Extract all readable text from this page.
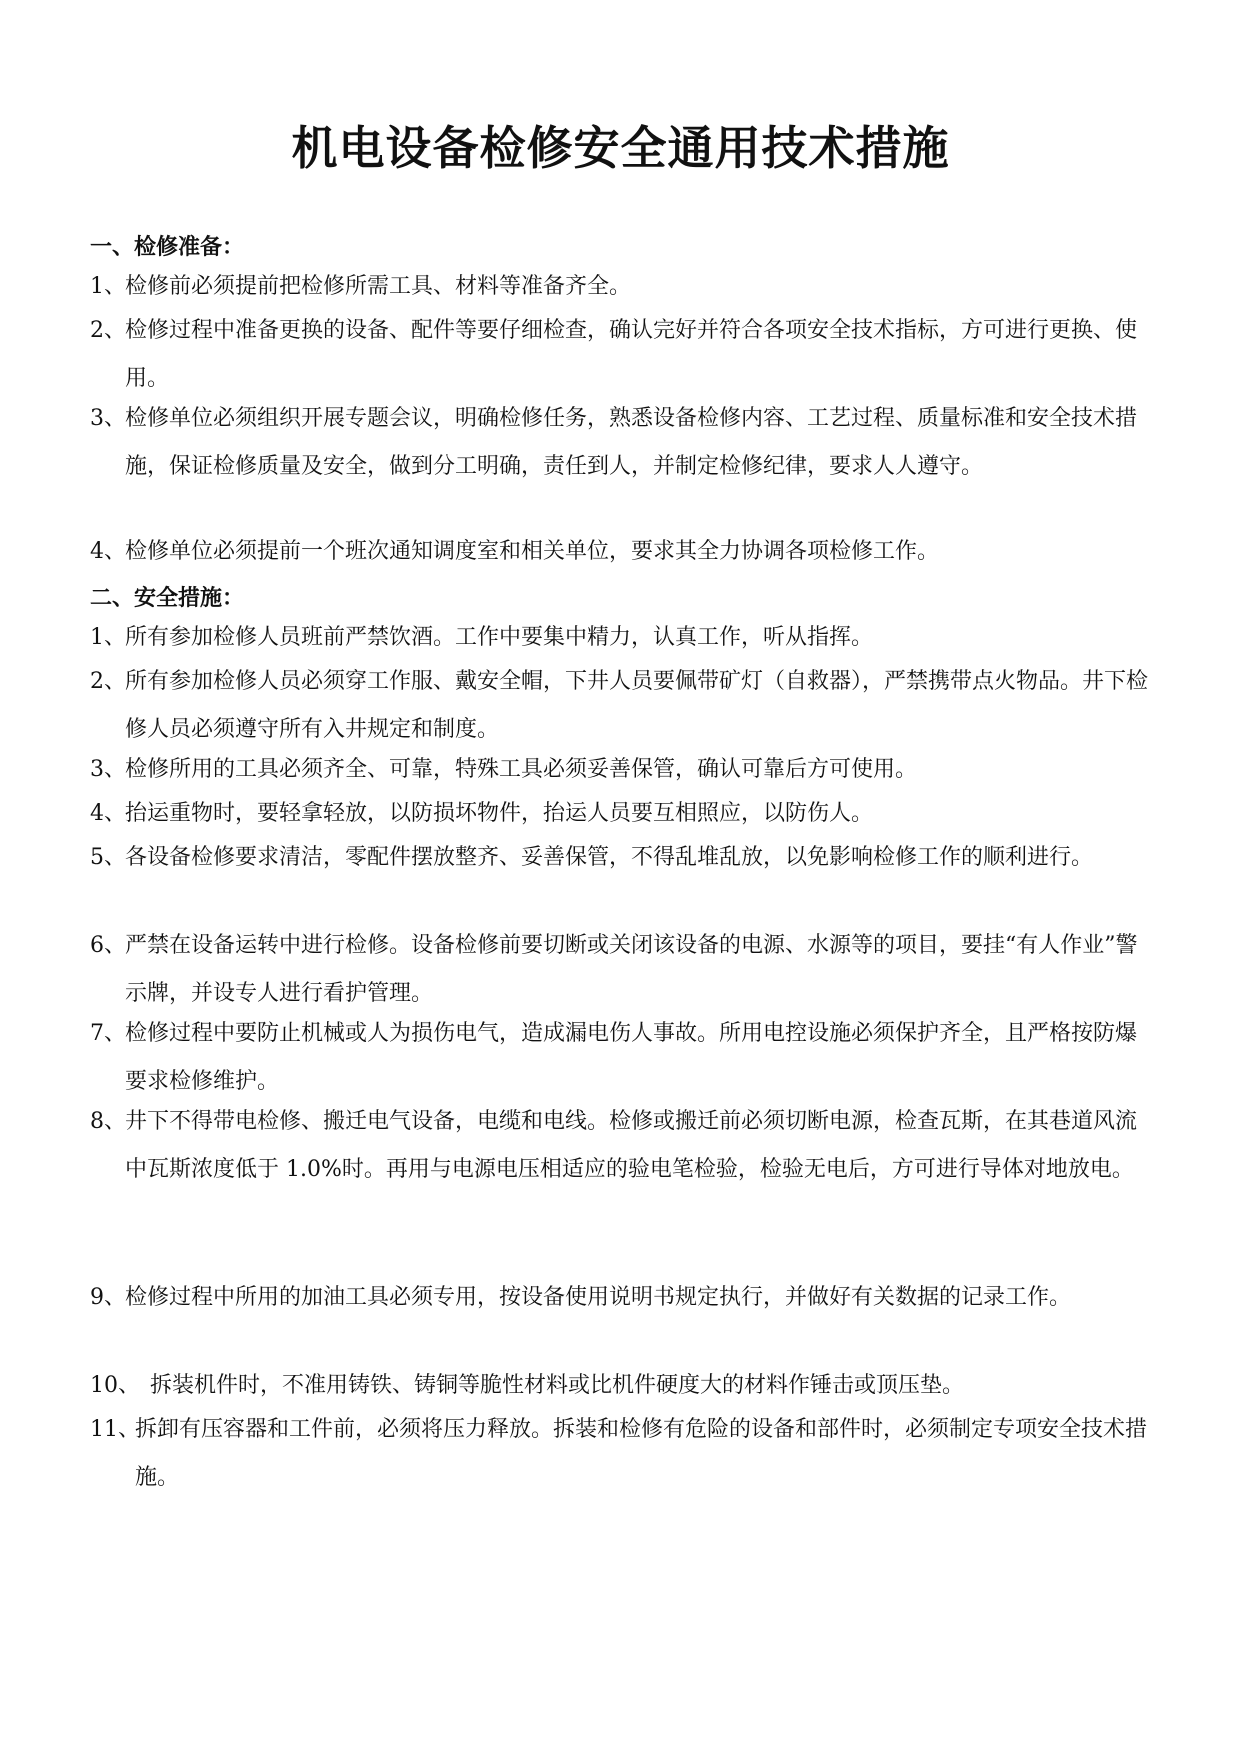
机电设备检修安全通用技术措施

一、检修准备：

1、 检修前必须提前把检修所需工具、材料等准备齐全。
2、 检修过程中准备更换的设备、配件等要仔细检查，确认完好并符合各项安全技术指标，方可进行更换、使用。
3、 检修单位必须组织开展专题会议，明确检修任务，熟悉设备检修内容、工艺过程、质量标准和安全技术措施，保证检修质量及安全，做到分工明确，责任到人，并制定检修纪律，要求人人遵守。
4、 检修单位必须提前一个班次通知调度室和相关单位，要求其全力协调各项检修工作。

二、安全措施：

1、 所有参加检修人员班前严禁饮酒。工作中要集中精力，认真工作，听从指挥。
2、 所有参加检修人员必须穿工作服、戴安全帽，下井人员要佩带矿灯（自救器），严禁携带点火物品。井下检修人员必须遵守所有入井规定和制度。
3、 检修所用的工具必须齐全、可靠，特殊工具必须妥善保管，确认可靠后方可使用。
4、 抬运重物时，要轻拿轻放，以防损坏物件，抬运人员要互相照应，以防伤人。
5、 各设备检修要求清洁，零配件摆放整齐、妥善保管，不得乱堆乱放，以免影响检修工作的顺利进行。
6、 严禁在设备运转中进行检修。设备检修前要切断或关闭该设备的电源、水源等的项目，要挂“有人作业”警示牌，并设专人进行看护管理。
7、 检修过程中要防止机械或人为损伤电气，造成漏电伤人事故。所用电控设施必须保护齐全，且严格按防爆要求检修维护。
8、 井下不得带电检修、搬迁电气设备，电缆和电线。检修或搬迁前必须切断电源，检查瓦斯，在其巷道风流中瓦斯浓度低于 1.0%时。再用与电源电压相适应的验电笔检验，检验无电后，方可进行导体对地放电。
9、 检修过程中所用的加油工具必须专用，按设备使用说明书规定执行，并做好有关数据的记录工作。
10、 拆装机件时，不准用铸铁、铸铜等脆性材料或比机件硬度大的材料作锤击或顶压垫。
11、
拆卸有压容器和工件前，必须将压力释放。拆装和检修有危险的设备和部件时，必须制定专项安全技术措施。
